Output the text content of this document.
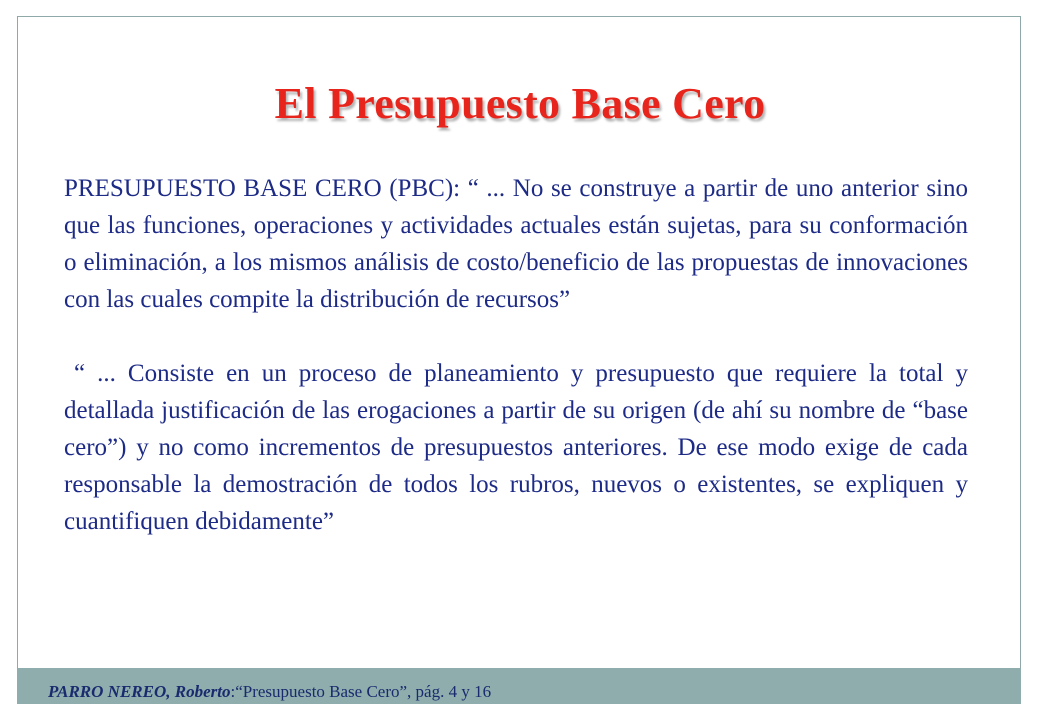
El Presupuesto Base Cero

PRESUPUESTO BASE CERO (PBC): “ ... No se construye a partir de uno anterior sino que las funciones, operaciones y actividades actuales están sujetas, para su conformación o eliminación, a los mismos análisis de costo/beneficio de las propuestas de innovaciones con las cuales compite la distribución de recursos”

“ ... Consiste en un proceso de planeamiento y presupuesto que requiere la total y detallada justificación de las erogaciones a partir de su origen (de ahí su nombre de “base cero”) y no como incrementos de presupuestos anteriores. De ese modo exige de cada responsable la demostración de todos los rubros, nuevos o existentes, se expliquen y cuantifiquen debidamente”

PARRO NEREO, Roberto:“Presupuesto Base Cero”, pág. 4 y 16
